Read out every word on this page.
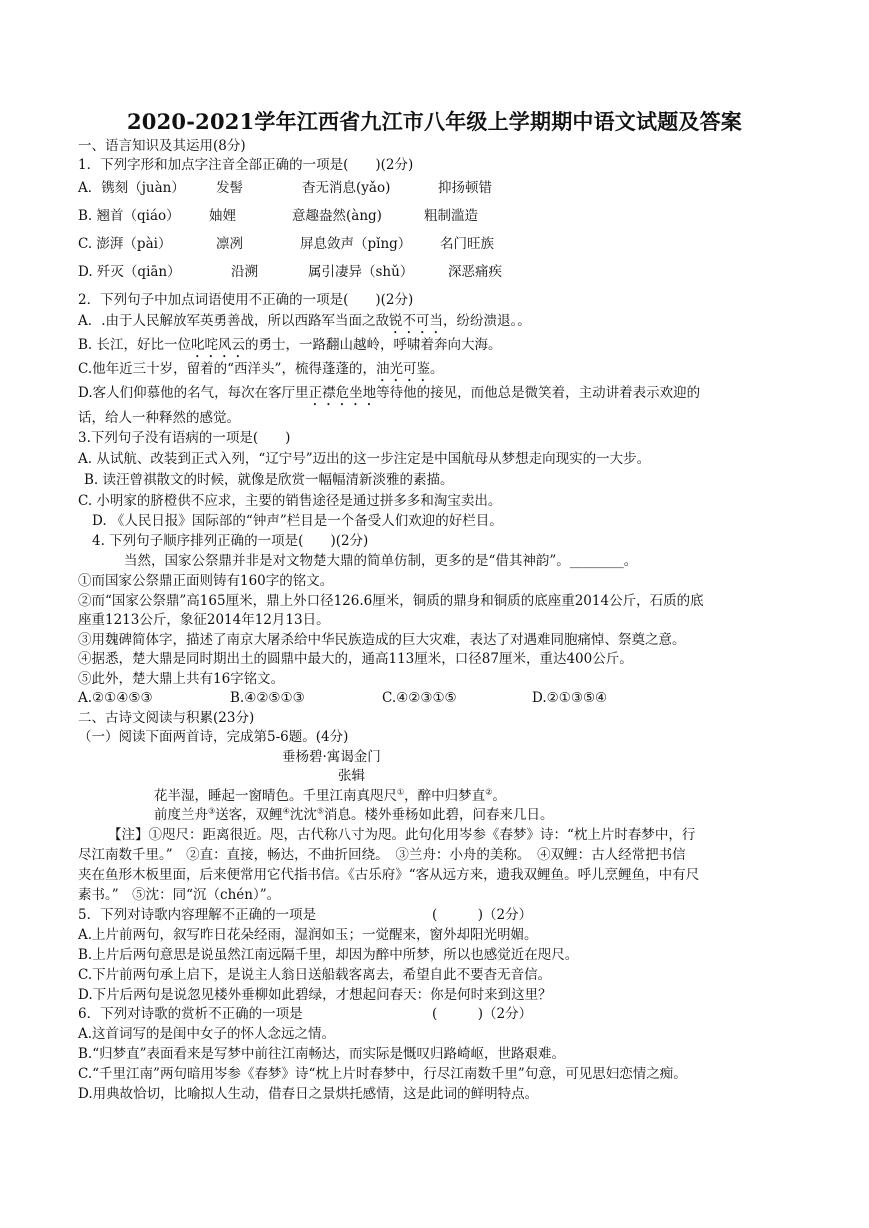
2020-2021学年江西省九江市八年级上学期期中语文试题及答案
一、语言知识及其运用(8分)
1．下列字形和加点字注音全部正确的一项是(　　)(2分)
A．镌刻（juàn） 发髻	杳无消息(yǎo)	抑扬顿错
B. 翘首（qiáo） 妯娌	意趣盎然(àng)	粗制滥造
C. 澎湃（pài）	凛冽	屏息敛声（pǐng） 名门旺族
D. 歼灭（qiān）	沿溯	属引凄异（shǔ）	深恶痛疾
2．下列句子中加点词语使用不正确的一项是(　　)(2分)
A．.由于人民解放军英勇善战，所以西路军当面之敌锐不可当，纷纷溃退。。
B. 长江，好比一位叱咤风云的勇士，一路翻山越岭，呼啸着奔向大海。
C.他年近三十岁，留着的“西洋头”，梳得蓬蓬的，油光可鉴。
D.客人们仰慕他的名气，每次在客厅里正襟危坐地等待他的接见，而他总是微笑着，主动讲着表示欢迎的
话，给人一种释然的感觉。
3.下列句子没有语病的一项是(　　)
A. 从试航、改装到正式入列，“辽宁号”迈出的这一步注定是中国航母从梦想走向现实的一大步。
B. 读汪曾祺散文的时候，就像是欣赏一幅幅清新淡雅的素描。
C. 小明家的脐橙供不应求，主要的销售途径是通过拼多多和淘宝卖出。
D. 《人民日报》国际部的“钟声”栏目是一个备受人们欢迎的好栏目。
4. 下列句子顺序排列正确的一项是(　　)(2分)
当然，国家公祭鼎并非是对文物楚大鼎的简单仿制，更多的是“借其神韵”。________。
①而国家公祭鼎正面则铸有160字的铭文。
②而“国家公祭鼎”高165厘米，鼎上外口径126.6厘米，铜质的鼎身和铜质的底座重2014公斤，石质的底
座重1213公斤，象征2014年12月13日。
③用魏碑简体字，描述了南京大屠杀给中华民族造成的巨大灾难，表达了对遇难同胞痛悼、祭奠之意。
④据悉，楚大鼎是同时期出土的圆鼎中最大的，通高113厘米，口径87厘米，重达400公斤。
⑤此外，楚大鼎上共有16字铭文。
A.②①④⑤③	B.④②⑤①③	C.④②③①⑤	D.②①③⑤④
二、古诗文阅读与积累(23分)
（一）阅读下面两首诗，完成第5-6题。(4分)
垂杨碧·寓谒金门
张辑
花半湿，睡起一窗晴色。千里江南真咫尺①，醉中归梦直②。
前度兰舟③送客，双鲤④沈沈⑤消息。楼外垂杨如此碧，问春来几日。
【注】①咫尺：距离很近。咫，古代称八寸为咫。此句化用岑参《春梦》诗：“枕上片时春梦中，行
尽江南数千里。”　②直：直接，畅达，不曲折回绕。　③兰舟：小舟的美称。　④双鲤：古人经常把书信
夹在鱼形木板里面，后来便常用它代指书信。《古乐府》“客从远方来，遗我双鲤鱼。呼儿烹鲤鱼，中有尺
素书。”　⑤沈：同“沉（chén）”。
5．下列对诗歌内容理解不正确的一项是	(　　　)（2分）
A.上片前两句，叙写昨日花朵经雨，湿润如玉；一觉醒来，窗外却阳光明媚。
B.上片后两句意思是说虽然江南远隔千里，却因为醉中所梦，所以也感觉近在咫尺。
C.下片前两句承上启下，是说主人翁日送船载客离去，希望自此不要杳无音信。
D.下片后两句是说忽见楼外垂柳如此碧绿，才想起问春天：你是何时来到这里？
6．下列对诗歌的赏析不正确的一项是	(　　　)（2分）
A.这首词写的是闺中女子的怀人念远之情。
B.“归梦直”表面看来是写梦中前往江南畅达，而实际是慨叹归路崎岖，世路艰难。
C.“千里江南”两句暗用岑参《春梦》诗“枕上片时春梦中，行尽江南数千里”句意，可见思妇恋情之痴。
D.用典故恰切，比喻拟人生动，借春日之景烘托感情，这是此词的鲜明特点。
